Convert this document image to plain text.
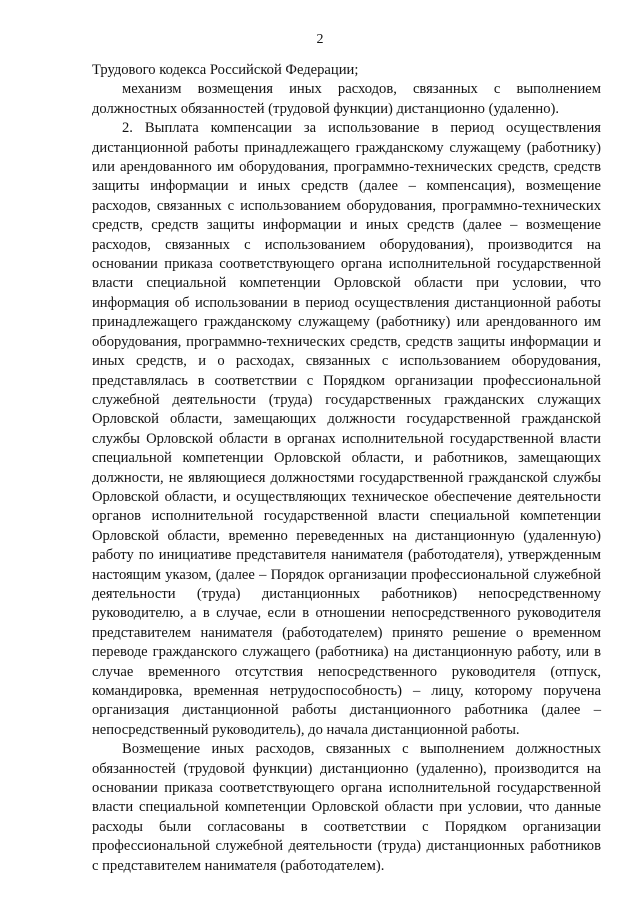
2

Трудового кодекса Российской Федерации;

механизм возмещения иных расходов, связанных с выполнением должностных обязанностей (трудовой функции) дистанционно (удаленно).

2. Выплата компенсации за использование в период осуществления дистанционной работы принадлежащего гражданскому служащему (работнику) или арендованного им оборудования, программно-технических средств, средств защиты информации и иных средств (далее – компенсация), возмещение расходов, связанных с использованием оборудования, программно-технических средств, средств защиты информации и иных средств (далее – возмещение расходов, связанных с использованием оборудования), производится на основании приказа соответствующего органа исполнительной государственной власти специальной компетенции Орловской области при условии, что информация об использовании в период осуществления дистанционной работы принадлежащего гражданскому служащему (работнику) или арендованного им оборудования, программно-технических средств, средств защиты информации и иных средств, и о расходах, связанных с использованием оборудования, представлялась в соответствии с Порядком организации профессиональной служебной деятельности (труда) государственных гражданских служащих Орловской области, замещающих должности государственной гражданской службы Орловской области в органах исполнительной государственной власти специальной компетенции Орловской области, и работников, замещающих должности, не являющиеся должностями государственной гражданской службы Орловской области, и осуществляющих техническое обеспечение деятельности органов исполнительной государственной власти специальной компетенции Орловской области, временно переведенных на дистанционную (удаленную) работу по инициативе представителя нанимателя (работодателя), утвержденным настоящим указом, (далее – Порядок организации профессиональной служебной деятельности (труда) дистанционных работников) непосредственному руководителю, а в случае, если в отношении непосредственного руководителя представителем нанимателя (работодателем) принято решение о временном переводе гражданского служащего (работника) на дистанционную работу, или в случае временного отсутствия непосредственного руководителя (отпуск, командировка, временная нетрудоспособность) – лицу, которому поручена организация дистанционной работы дистанционного работника (далее – непосредственный руководитель), до начала дистанционной работы.

Возмещение иных расходов, связанных с выполнением должностных обязанностей (трудовой функции) дистанционно (удаленно), производится на основании приказа соответствующего органа исполнительной государственной власти специальной компетенции Орловской области при условии, что данные расходы были согласованы в соответствии с Порядком организации профессиональной служебной деятельности (труда) дистанционных работников с представителем нанимателя (работодателем).
